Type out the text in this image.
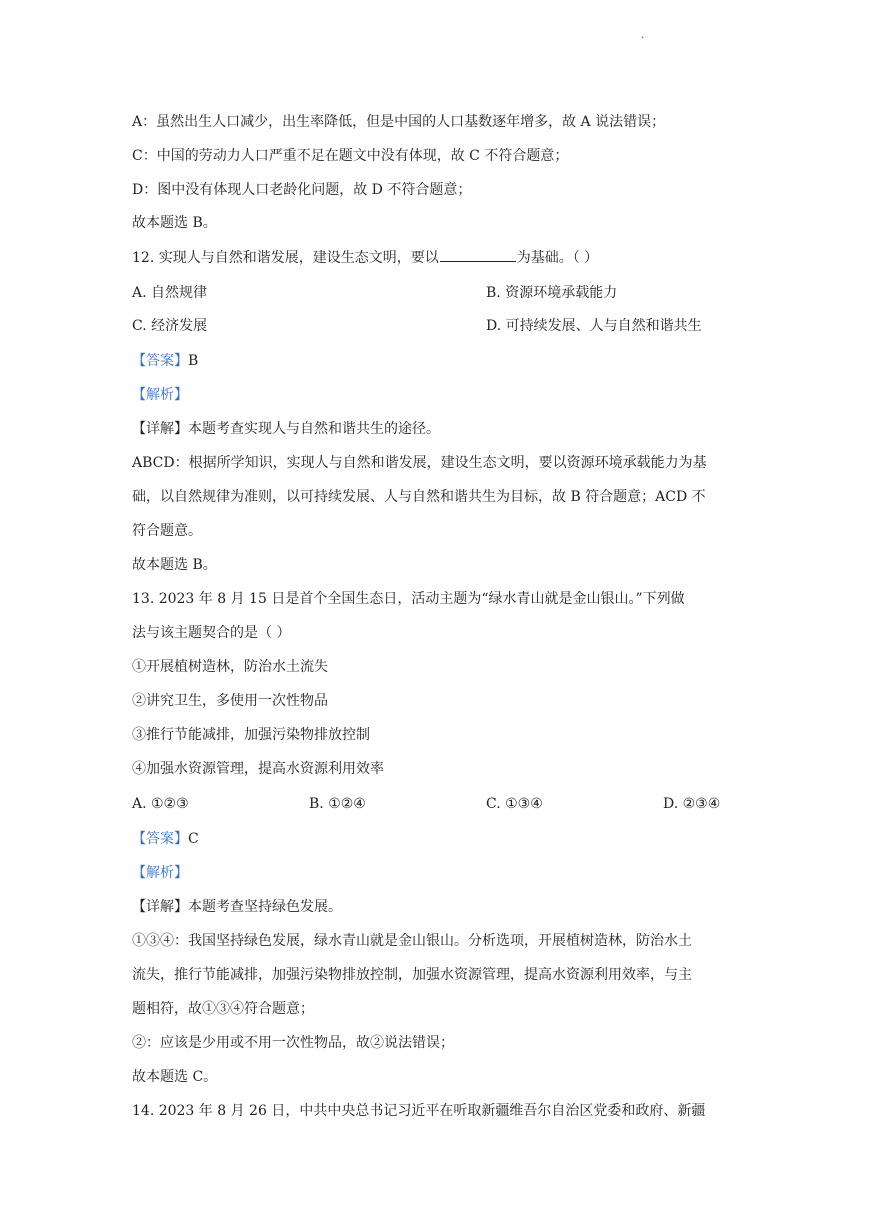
.
A：虽然出生人口减少，出生率降低，但是中国的人口基数逐年增多，故 A 说法错误；
C：中国的劳动力人口严重不足在题文中没有体现，故 C 不符合题意；
D：图中没有体现人口老龄化问题，故 D 不符合题意；
故本题选 B。
12. 实现人与自然和谐发展，建设生态文明，要以	为基础。（ ）
A. 自然规律	B. 资源环境承载能力
C. 经济发展	D. 可持续发展、人与自然和谐共生
【答案】B
【解析】
【详解】本题考查实现人与自然和谐共生的途径。
ABCD：根据所学知识，实现人与自然和谐发展，建设生态文明，要以资源环境承载能力为基
础，以自然规律为准则，以可持续发展、人与自然和谐共生为目标，故 B 符合题意；ACD 不
符合题意。
故本题选 B。
13. 2023 年 8 月 15 日是首个全国生态日，活动主题为“绿水青山就是金山银山。”下列做
法与该主题契合的是（ ）
①开展植树造林，防治水土流失
②讲究卫生，多使用一次性物品
③推行节能减排，加强污染物排放控制
④加强水资源管理，提高水资源利用效率
A. ①②③	B. ①②④	C. ①③④	D. ②③④
【答案】C
【解析】
【详解】本题考查坚持绿色发展。
①③④：我国坚持绿色发展，绿水青山就是金山银山。分析选项，开展植树造林，防治水土
流失，推行节能减排，加强污染物排放控制，加强水资源管理，提高水资源利用效率，与主
题相符，故①③④符合题意；
②：应该是少用或不用一次性物品，故②说法错误；
故本题选 C。
14. 2023 年 8 月 26 日，中共中央总书记习近平在听取新疆维吾尔自治区党委和政府、新疆
